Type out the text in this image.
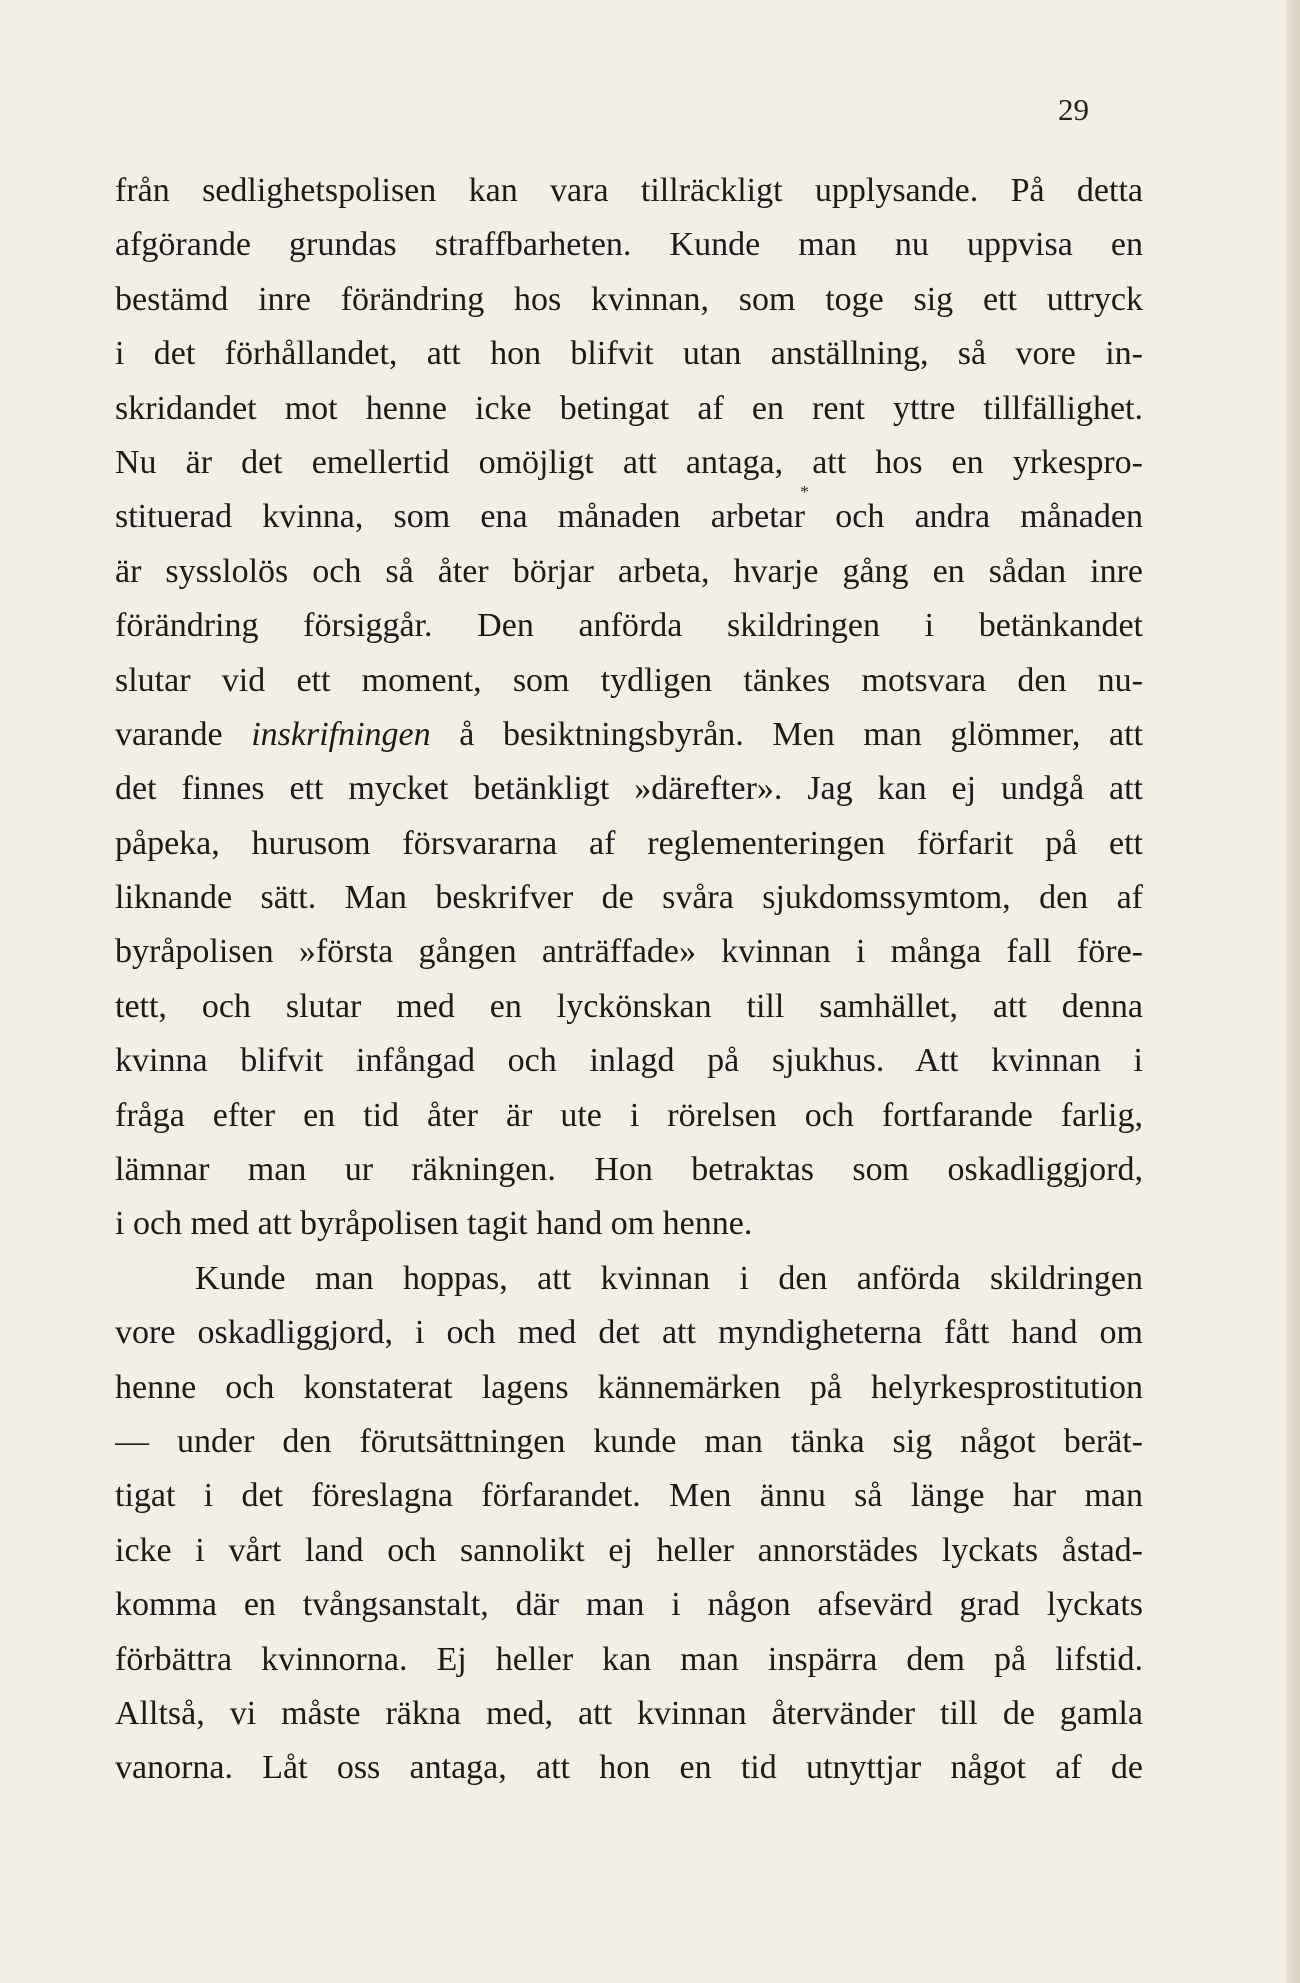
29
*
från sedlighetspolisen kan vara tillräckligt upplysande. På detta
afgörande grundas straffbarheten. Kunde man nu uppvisa en
bestämd inre förändring hos kvinnan, som toge sig ett uttryck
i det förhållandet, att hon blifvit utan anställning, så vore in-
skridandet mot henne icke betingat af en rent yttre tillfällighet.
Nu är det emellertid omöjligt att antaga, att hos en yrkespro-
stituerad kvinna, som ena månaden arbetar och andra månaden
är sysslolös och så åter börjar arbeta, hvarje gång en sådan inre
förändring försiggår. Den anförda skildringen i betänkandet
slutar vid ett moment, som tydligen tänkes motsvara den nu-
varande inskrifningen å besiktningsbyrån. Men man glömmer, att
det finnes ett mycket betänkligt »därefter». Jag kan ej undgå att
påpeka, hurusom försvararna af reglementeringen förfarit på ett
liknande sätt. Man beskrifver de svåra sjukdomssymtom, den af
byråpolisen »första gången anträffade» kvinnan i många fall före-
tett, och slutar med en lyckönskan till samhället, att denna
kvinna blifvit infångad och inlagd på sjukhus. Att kvinnan i
fråga efter en tid åter är ute i rörelsen och fortfarande farlig,
lämnar man ur räkningen. Hon betraktas som oskadliggjord,
i och med att byråpolisen tagit hand om henne.
Kunde man hoppas, att kvinnan i den anförda skildringen
vore oskadliggjord, i och med det att myndigheterna fått hand om
henne och konstaterat lagens kännemärken på helyrkesprostitution
— under den förutsättningen kunde man tänka sig något berät-
tigat i det föreslagna förfarandet. Men ännu så länge har man
icke i vårt land och sannolikt ej heller annorstädes lyckats åstad-
komma en tvångsanstalt, där man i någon afsevärd grad lyckats
förbättra kvinnorna. Ej heller kan man inspärra dem på lifstid.
Alltså, vi måste räkna med, att kvinnan återvänder till de gamla
vanorna. Låt oss antaga, att hon en tid utnyttjar något af de
